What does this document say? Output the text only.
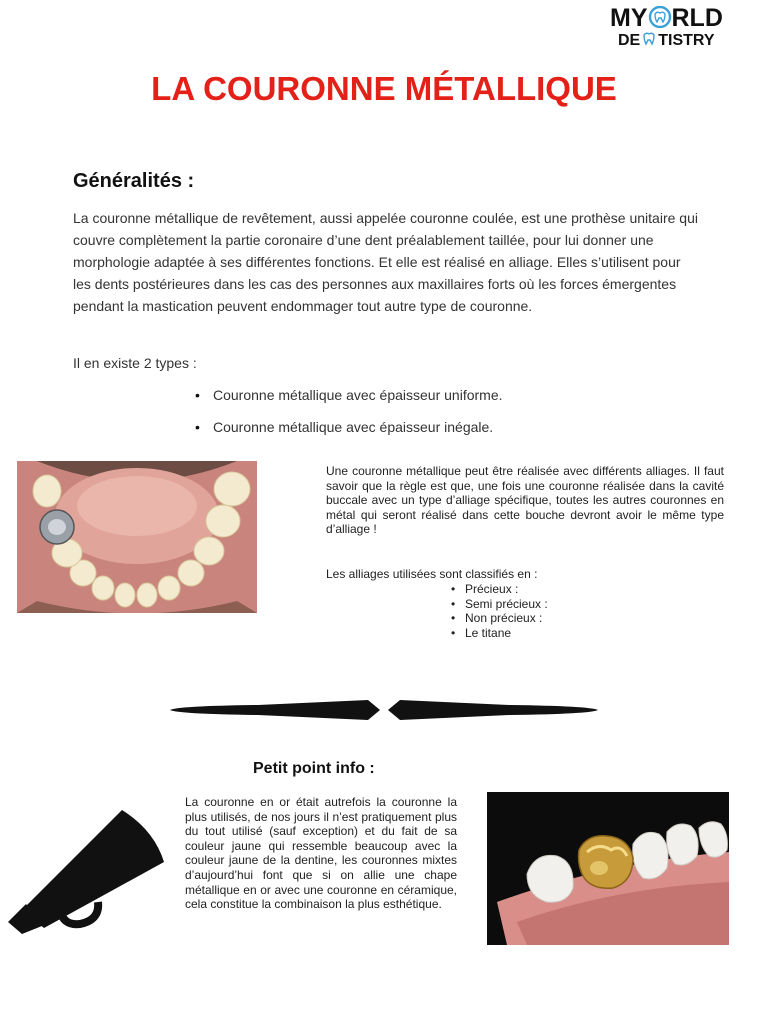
MY RLD
DE TISTRY
LA COURONNE MÉTALLIQUE
Généralités :

La couronne métallique de revêtement, aussi appelée couronne coulée, est une prothèse unitaire qui couvre complètement la partie coronaire d’une dent préalablement taillée, pour lui donner une morphologie adaptée à ses différentes fonctions. Et elle est réalisé en alliage. Elles s’utilisent pour les dents postérieures dans les cas des personnes aux maxillaires forts où les forces émergentes pendant la mastication peuvent endommager tout autre type de couronne.

Il en existe 2 types :

• Couronne métallique avec épaisseur uniforme.
• Couronne métallique avec épaisseur inégale.

Une couronne métallique peut être réalisée avec différents alliages. Il faut savoir que la règle est que, une fois une couronne réalisée dans la cavité buccale avec un type d’alliage spécifique, toutes les autres couronnes en métal qui seront réalisé dans cette bouche devront avoir le même type d’alliage !

Les alliages utilisées sont classifiés en :

• Précieux :
• Semi précieux :
• Non précieux :
• Le titane
Petit point info :

La couronne en or était autrefois la couronne la plus utilisés, de nos jours il n’est pratiquement plus du tout utilisé (sauf exception) et du fait de sa couleur jaune qui ressemble beaucoup avec la couleur jaune de la dentine, les couronnes mixtes d’aujourd’hui font que si on allie une chape métallique en or avec une couronne en céramique, cela constitue la combinaison la plus esthétique.
